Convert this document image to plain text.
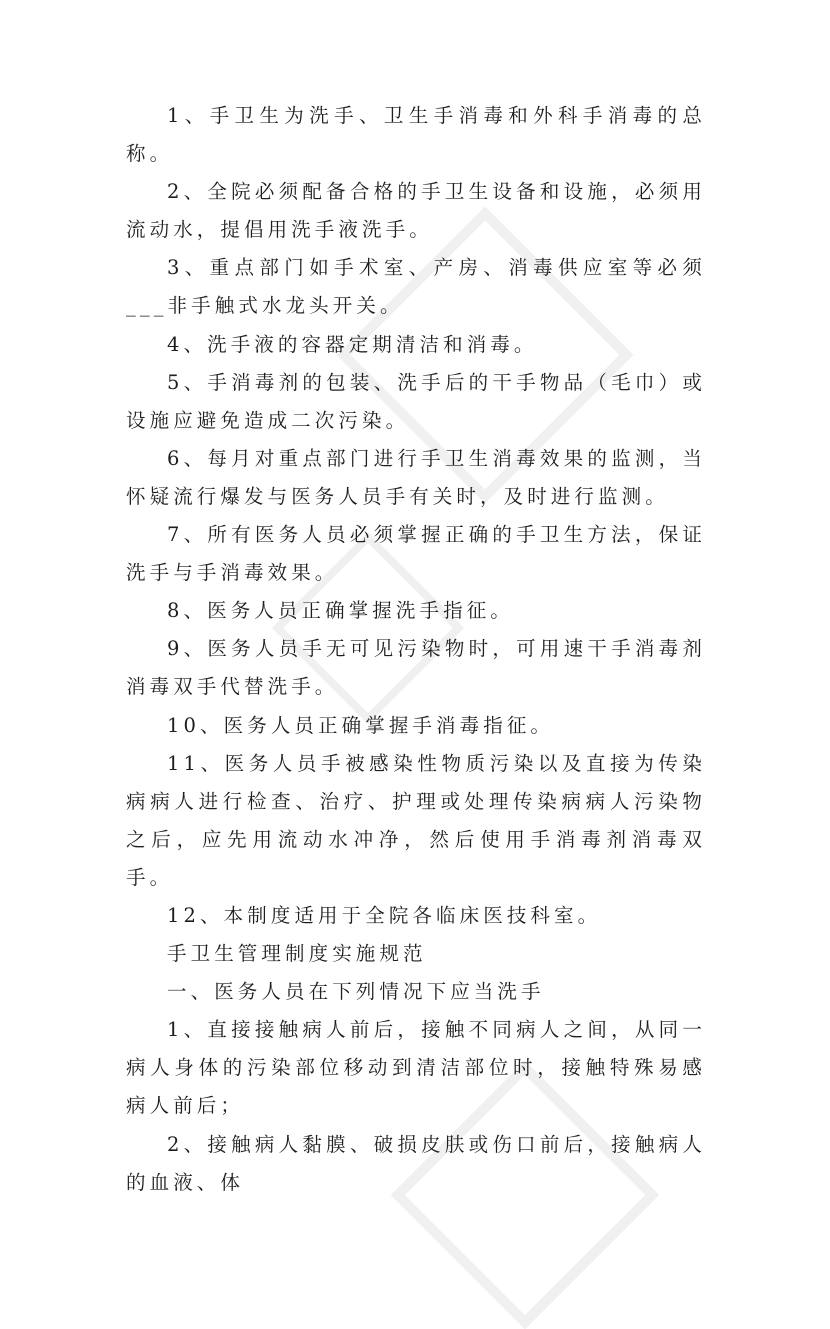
1、手卫生为洗手、卫生手消毒和外科手消毒的总称。

2、全院必须配备合格的手卫生设备和设施，必须用流动水，提倡用洗手液洗手。

3、重点部门如手术室、产房、消毒供应室等必须___非手触式水龙头开关。

4、洗手液的容器定期清洁和消毒。

5、手消毒剂的包装、洗手后的干手物品（毛巾）或设施应避免造成二次污染。

6、每月对重点部门进行手卫生消毒效果的监测，当怀疑流行爆发与医务人员手有关时，及时进行监测。

7、所有医务人员必须掌握正确的手卫生方法，保证洗手与手消毒效果。

8、医务人员正确掌握洗手指征。

9、医务人员手无可见污染物时，可用速干手消毒剂消毒双手代替洗手。

10、医务人员正确掌握手消毒指征。

11、医务人员手被感染性物质污染以及直接为传染病病人进行检查、治疗、护理或处理传染病病人污染物之后，应先用流动水冲净，然后使用手消毒剂消毒双手。

12、本制度适用于全院各临床医技科室。

手卫生管理制度实施规范

一、医务人员在下列情况下应当洗手

1、直接接触病人前后，接触不同病人之间，从同一病人身体的污染部位移动到清洁部位时，接触特殊易感病人前后；

2、接触病人黏膜、破损皮肤或伤口前后，接触病人的血液、体
